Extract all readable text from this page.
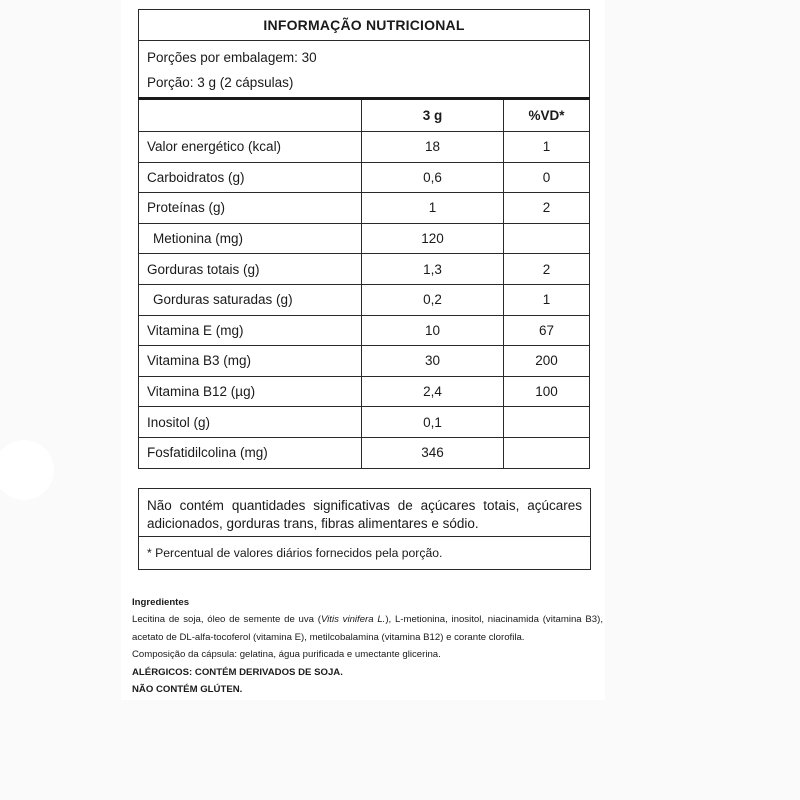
INFORMAÇÃO NUTRICIONAL		

Porções por embalagem: 30
Porção: 3 g (2 cápsulas)		

	3 g	%VD*
Valor energético (kcal)	18	1
Carboidratos (g)	0,6	0
Proteínas (g)	1	2
Metionina (mg)	120	
Gorduras totais (g)	1,3	2
Gorduras saturadas (g)	0,2	1
Vitamina E (mg)	10	67
Vitamina B3 (mg)	30	200
Vitamina B12 (µg)	2,4	100
Inositol (g)	0,1	
Fosfatidilcolina (mg)	346	
Não contém quantidades significativas de açúcares totais, açúcares adicionados, gorduras trans, fibras alimentares e sódio.
* Percentual de valores diários fornecidos pela porção.
Ingredientes
Lecitina de soja, óleo de semente de uva (Vitis vinifera L.), L-metionina, inositol, niacinamida (vitamina B3), acetato de DL-alfa-tocoferol (vitamina E), metilcobalamina (vitamina B12) e corante clorofila.
Composição da cápsula: gelatina, água purificada e umectante glicerina.
ALÉRGICOS: CONTÉM DERIVADOS DE SOJA.
NÃO CONTÉM GLÚTEN.
